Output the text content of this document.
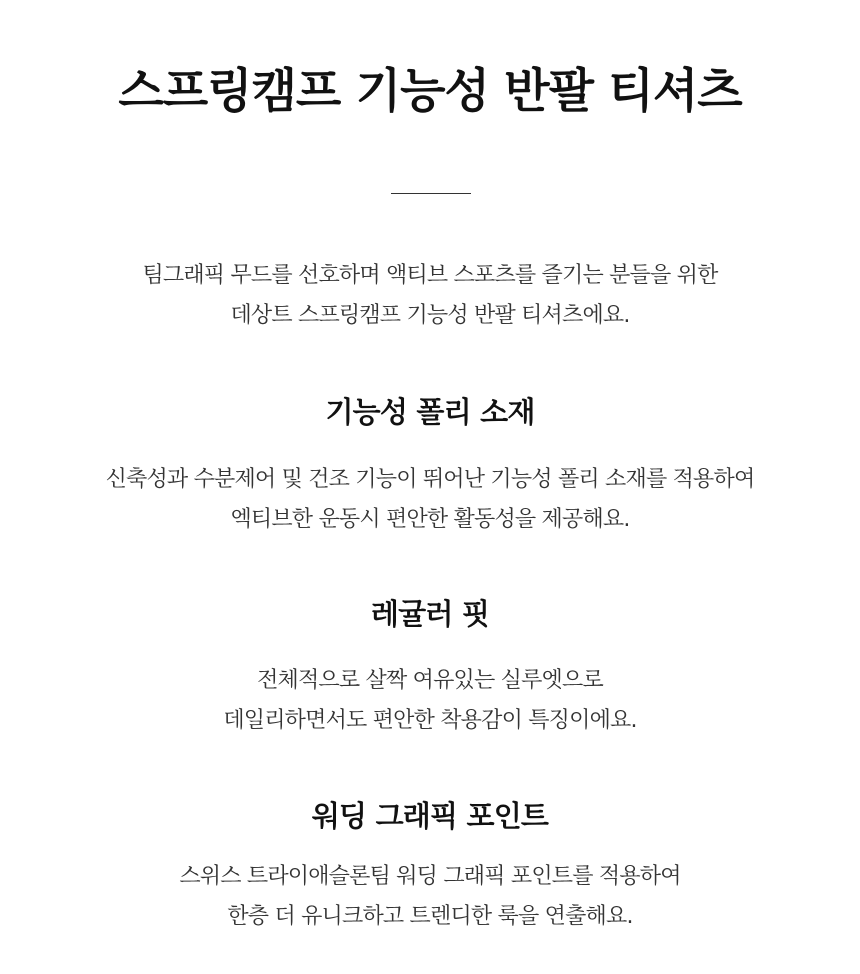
스프링캠프 기능성 반팔 티셔츠

팀그래픽 무드를 선호하며 액티브 스포츠를 즐기는 분들을 위한
데상트 스프링캠프 기능성 반팔 티셔츠에요.

기능성 폴리 소재

신축성과 수분제어 및 건조 기능이 뛰어난 기능성 폴리 소재를 적용하여
엑티브한 운동시 편안한 활동성을 제공해요.

레귤러 핏

전체적으로 살짝 여유있는 실루엣으로
데일리하면서도 편안한 착용감이 특징이에요.

워딩 그래픽 포인트

스위스 트라이애슬론팀 워딩 그래픽 포인트를 적용하여
한층 더 유니크하고 트렌디한 룩을 연출해요.
